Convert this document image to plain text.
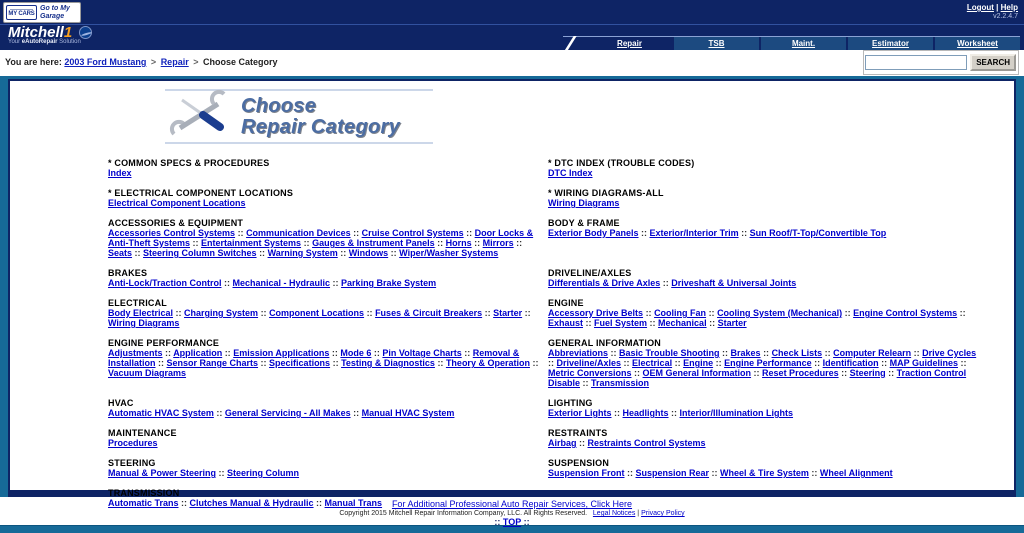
MY CARS
Go to My Garage
Logout | Help
v2.2.4.7
Mitchell1
Your eAutoRepair Solution	Repair	TSB	Maint.	Estimator	Worksheet
You are here: 2003 Ford Mustang > Repair > Choose Category	SEARCH
Choose
Repair Category
* COMMON SPECS & PROCEDURES
Index
* DTC INDEX (TROUBLE CODES)
DTC Index
* ELECTRICAL COMPONENT LOCATIONS
Electrical Component Locations
* WIRING DIAGRAMS-ALL
Wiring Diagrams
ACCESSORIES & EQUIPMENT
Accessories Control Systems :: Communication Devices :: Cruise Control Systems :: Door Locks & Anti-Theft Systems :: Entertainment Systems :: Gauges & Instrument Panels :: Horns :: Mirrors :: Seats :: Steering Column Switches :: Warning System :: Windows :: Wiper/Washer Systems
BODY & FRAME
Exterior Body Panels :: Exterior/Interior Trim :: Sun Roof/T-Top/Convertible Top
BRAKES
Anti-Lock/Traction Control :: Mechanical - Hydraulic :: Parking Brake System
DRIVELINE/AXLES
Differentials & Drive Axles :: Driveshaft & Universal Joints
ELECTRICAL
Body Electrical :: Charging System :: Component Locations :: Fuses & Circuit Breakers :: Starter :: Wiring Diagrams
ENGINE
Accessory Drive Belts :: Cooling Fan :: Cooling System (Mechanical) :: Engine Control Systems :: Exhaust :: Fuel System :: Mechanical :: Starter
ENGINE PERFORMANCE
Adjustments :: Application :: Emission Applications :: Mode 6 :: Pin Voltage Charts :: Removal & Installation :: Sensor Range Charts :: Specifications :: Testing & Diagnostics :: Theory & Operation :: Vacuum Diagrams
GENERAL INFORMATION
Abbreviations :: Basic Trouble Shooting :: Brakes :: Check Lists :: Computer Relearn :: Drive Cycles :: Driveline/Axles :: Electrical :: Engine :: Engine Performance :: Identification :: MAP Guidelines :: Metric Conversions :: OEM General Information :: Reset Procedures :: Steering :: Traction Control Disable :: Transmission
HVAC
Automatic HVAC System :: General Servicing - All Makes :: Manual HVAC System
LIGHTING
Exterior Lights :: Headlights :: Interior/Illumination Lights
MAINTENANCE
Procedures
RESTRAINTS
Airbag :: Restraints Control Systems
STEERING
Manual & Power Steering :: Steering Column
SUSPENSION
Suspension Front :: Suspension Rear :: Wheel & Tire System :: Wheel Alignment
TRANSMISSION
Automatic Trans :: Clutches Manual & Hydraulic :: Manual Trans	For Additional Professional Auto Repair Services, Click Here
Copyright 2015 Mitchell Repair Information Company, LLC. All Rights Reserved. Legal Notices | Privacy Policy
:: TOP ::
